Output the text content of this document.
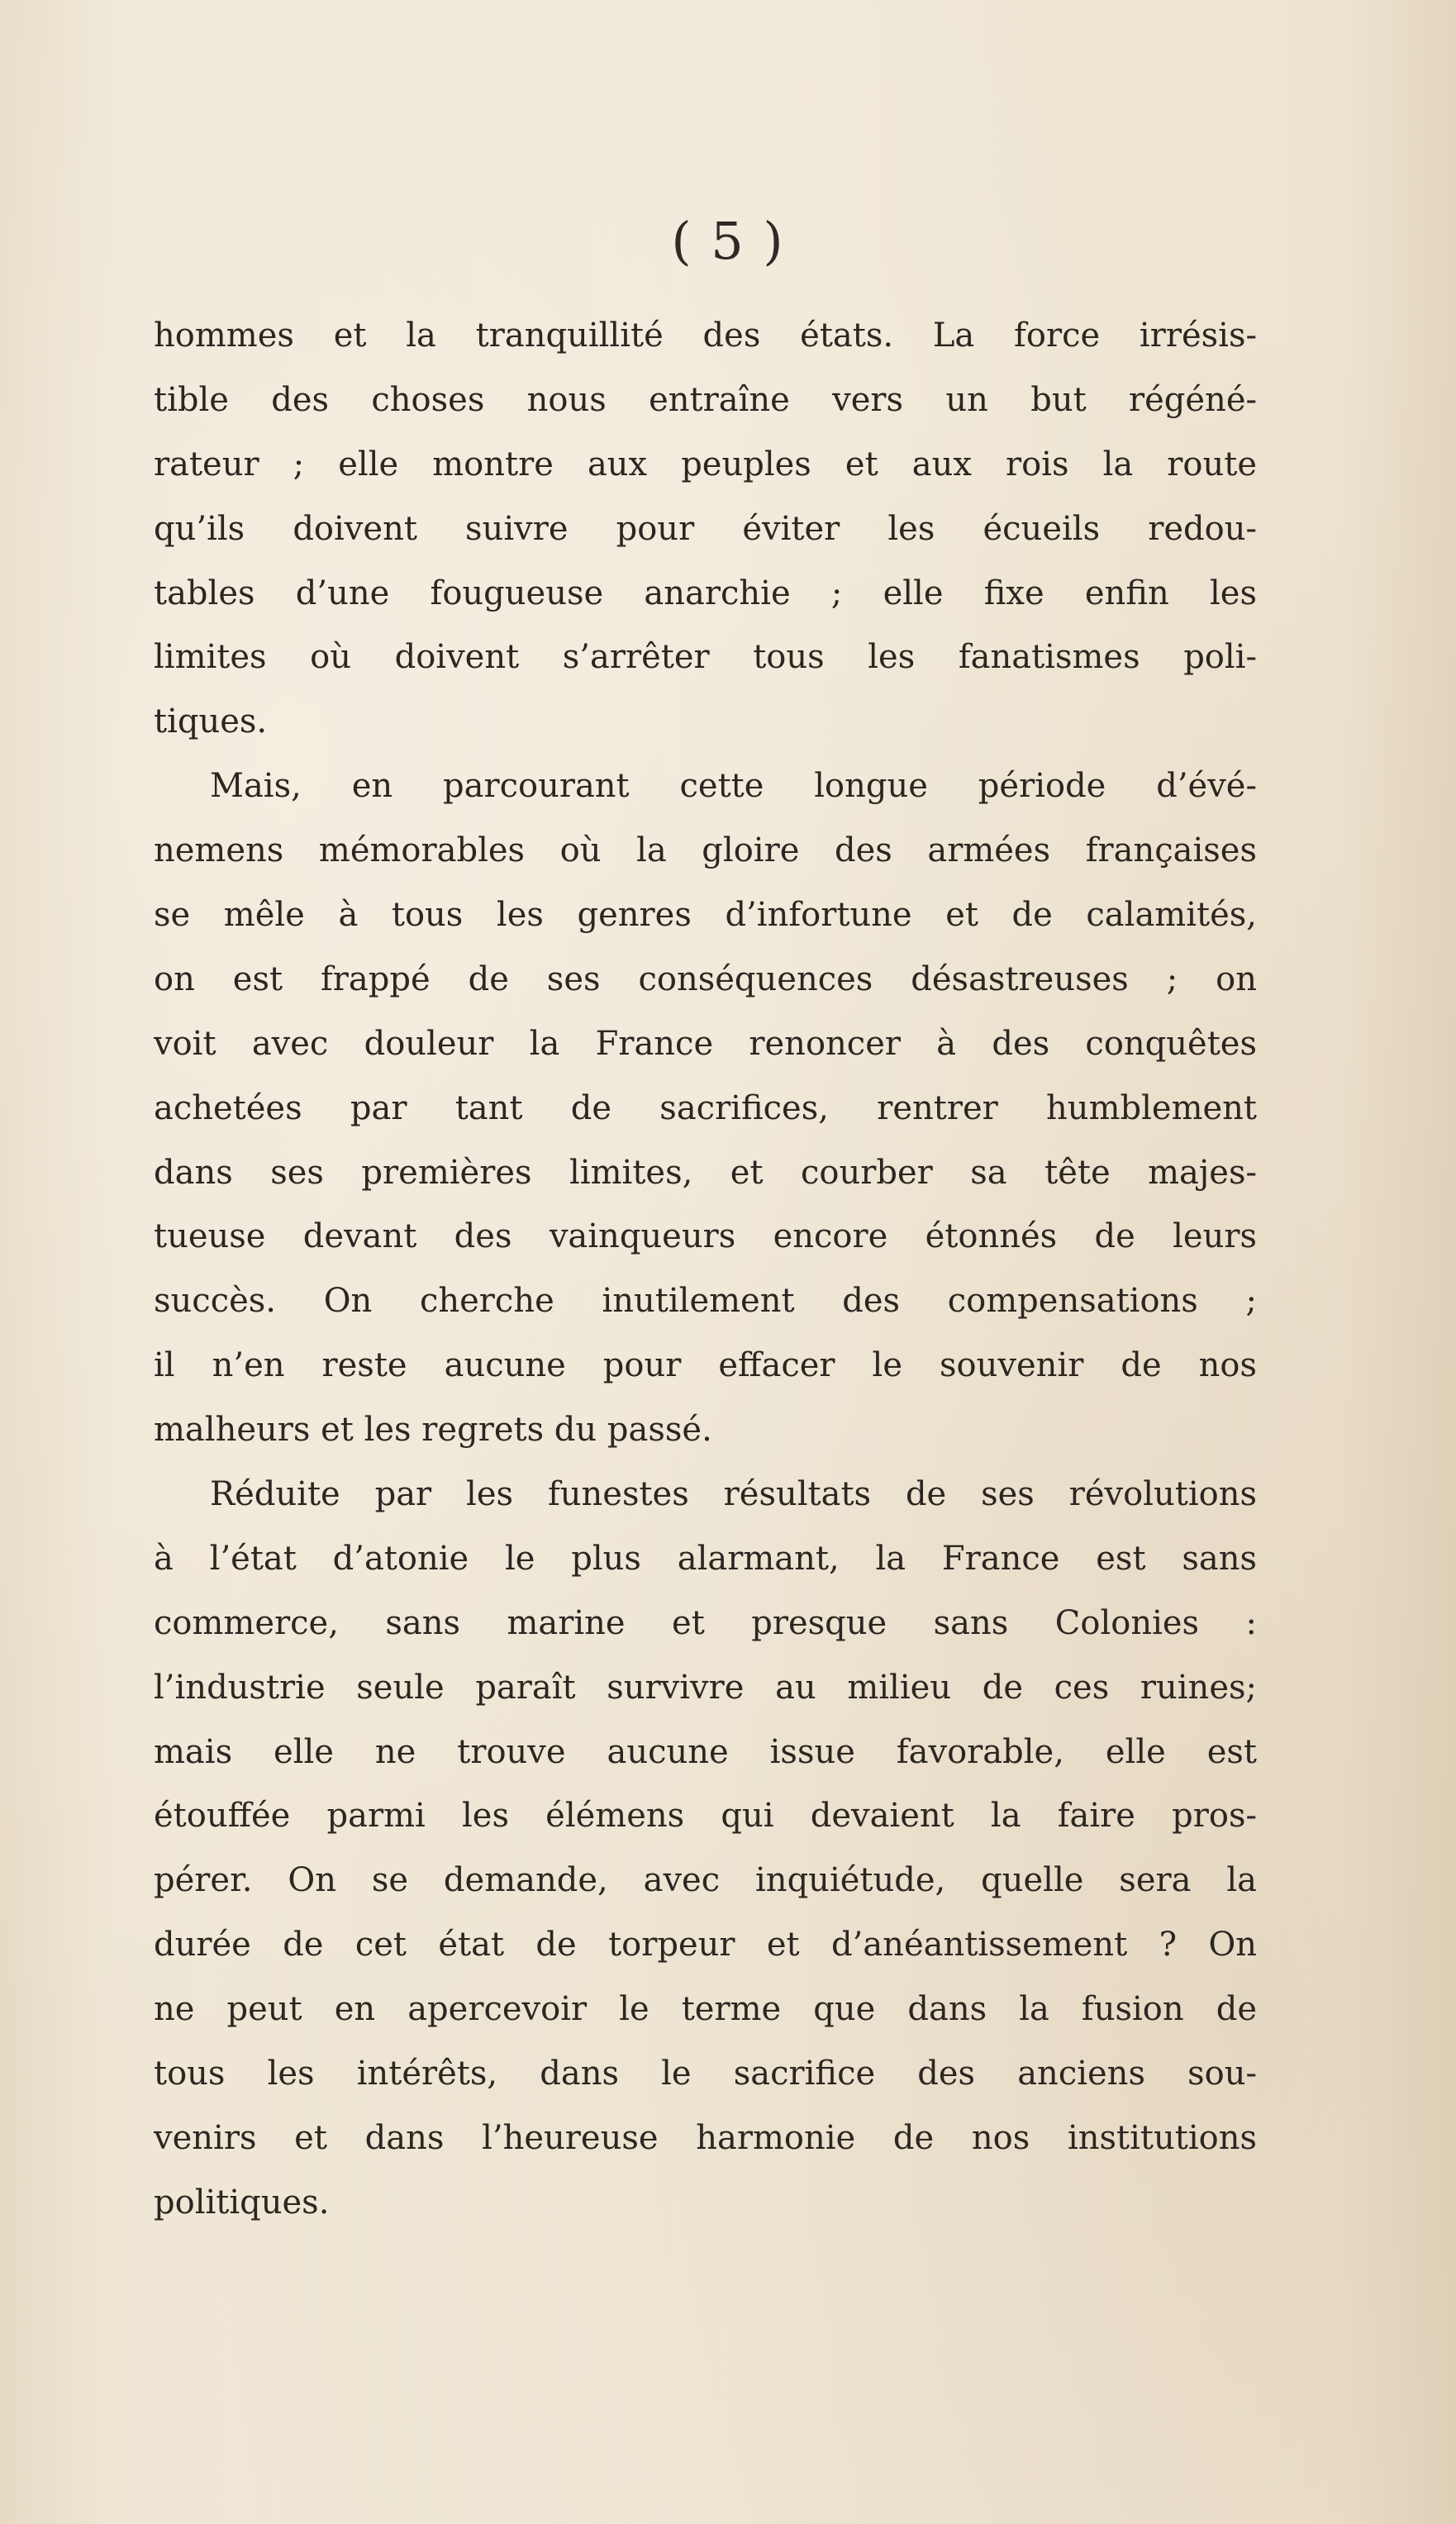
( 5 )
hommes et la tranquillité des états. La force irrésis-
tible des choses nous entraîne vers un but régéné-
rateur ; elle montre aux peuples et aux rois la route
qu’ils doivent suivre pour éviter les écueils redou-
tables d’une fougueuse anarchie ; elle fixe enfin les
limites où doivent s’arrêter tous les fanatismes poli-
tiques.
Mais, en parcourant cette longue période d’évé-
nemens mémorables où la gloire des armées françaises
se mêle à tous les genres d’infortune et de calamités,
on est frappé de ses conséquences désastreuses ; on
voit avec douleur la France renoncer à des conquêtes
achetées par tant de sacrifices, rentrer humblement
dans ses premières limites, et courber sa tête majes-
tueuse devant des vainqueurs encore étonnés de leurs
succès. On cherche inutilement des compensations ;
il n’en reste aucune pour effacer le souvenir de nos
malheurs et les regrets du passé.
Réduite par les funestes résultats de ses révolutions
à l’état d’atonie le plus alarmant, la France est sans
commerce, sans marine et presque sans Colonies :
l’industrie seule paraît survivre au milieu de ces ruines;
mais elle ne trouve aucune issue favorable, elle est
étouffée parmi les élémens qui devaient la faire pros-
pérer. On se demande, avec inquiétude, quelle sera la
durée de cet état de torpeur et d’anéantissement ? On
ne peut en apercevoir le terme que dans la fusion de
tous les intérêts, dans le sacrifice des anciens sou-
venirs et dans l’heureuse harmonie de nos institutions
politiques.
